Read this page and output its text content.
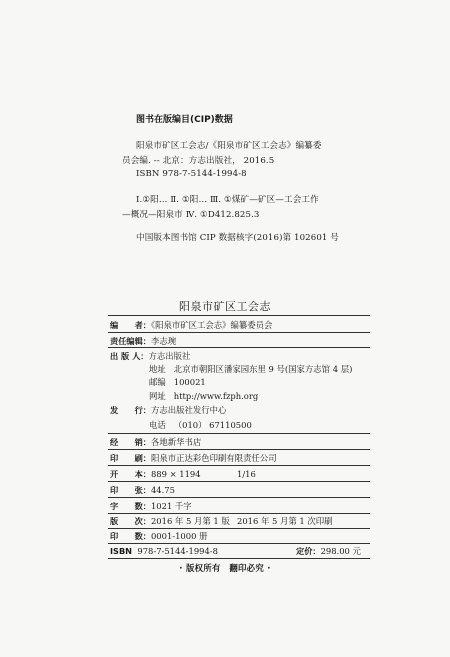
图书在版编目(CIP)数据
阳泉市矿区工会志/《阳泉市矿区工会志》编纂委
员会编. -- 北京：方志出版社， 2016.5
ISBN 978-7-5144-1994-8
Ⅰ.①阳… Ⅱ. ①阳… Ⅲ. ①煤矿—矿区—工会工作
—概况—阳泉市 Ⅳ. ①D412.825.3
中国版本图书馆 CIP 数据核字(2016)第 102601 号
阳泉市矿区工会志
编　　者：《阳泉市矿区工会志》编纂委员会
责任编辑：李志琬
出 版 人：方志出版社
地址 北京市朝阳区潘家园东里 9 号(国家方志馆 4 层)
邮编 100021
网址 http://www.fzph.org
发　　行：方志出版社发行中心
电话 （010） 67110500
经　　销：各地新华书店
印　　刷：阳泉市正达彩色印刷有限责任公司
开　　本：889 × 1194	1/16
印　　张：44.75
字　　数：1021 千字
版　　次：2016 年 5 月第 1 版 2016 年 5 月第 1 次印刷
印　　数：0001-1000 册
ISBN 978-7-5144-1994-8	定价：298.00 元
· 版权所有　翻印必究 ·
